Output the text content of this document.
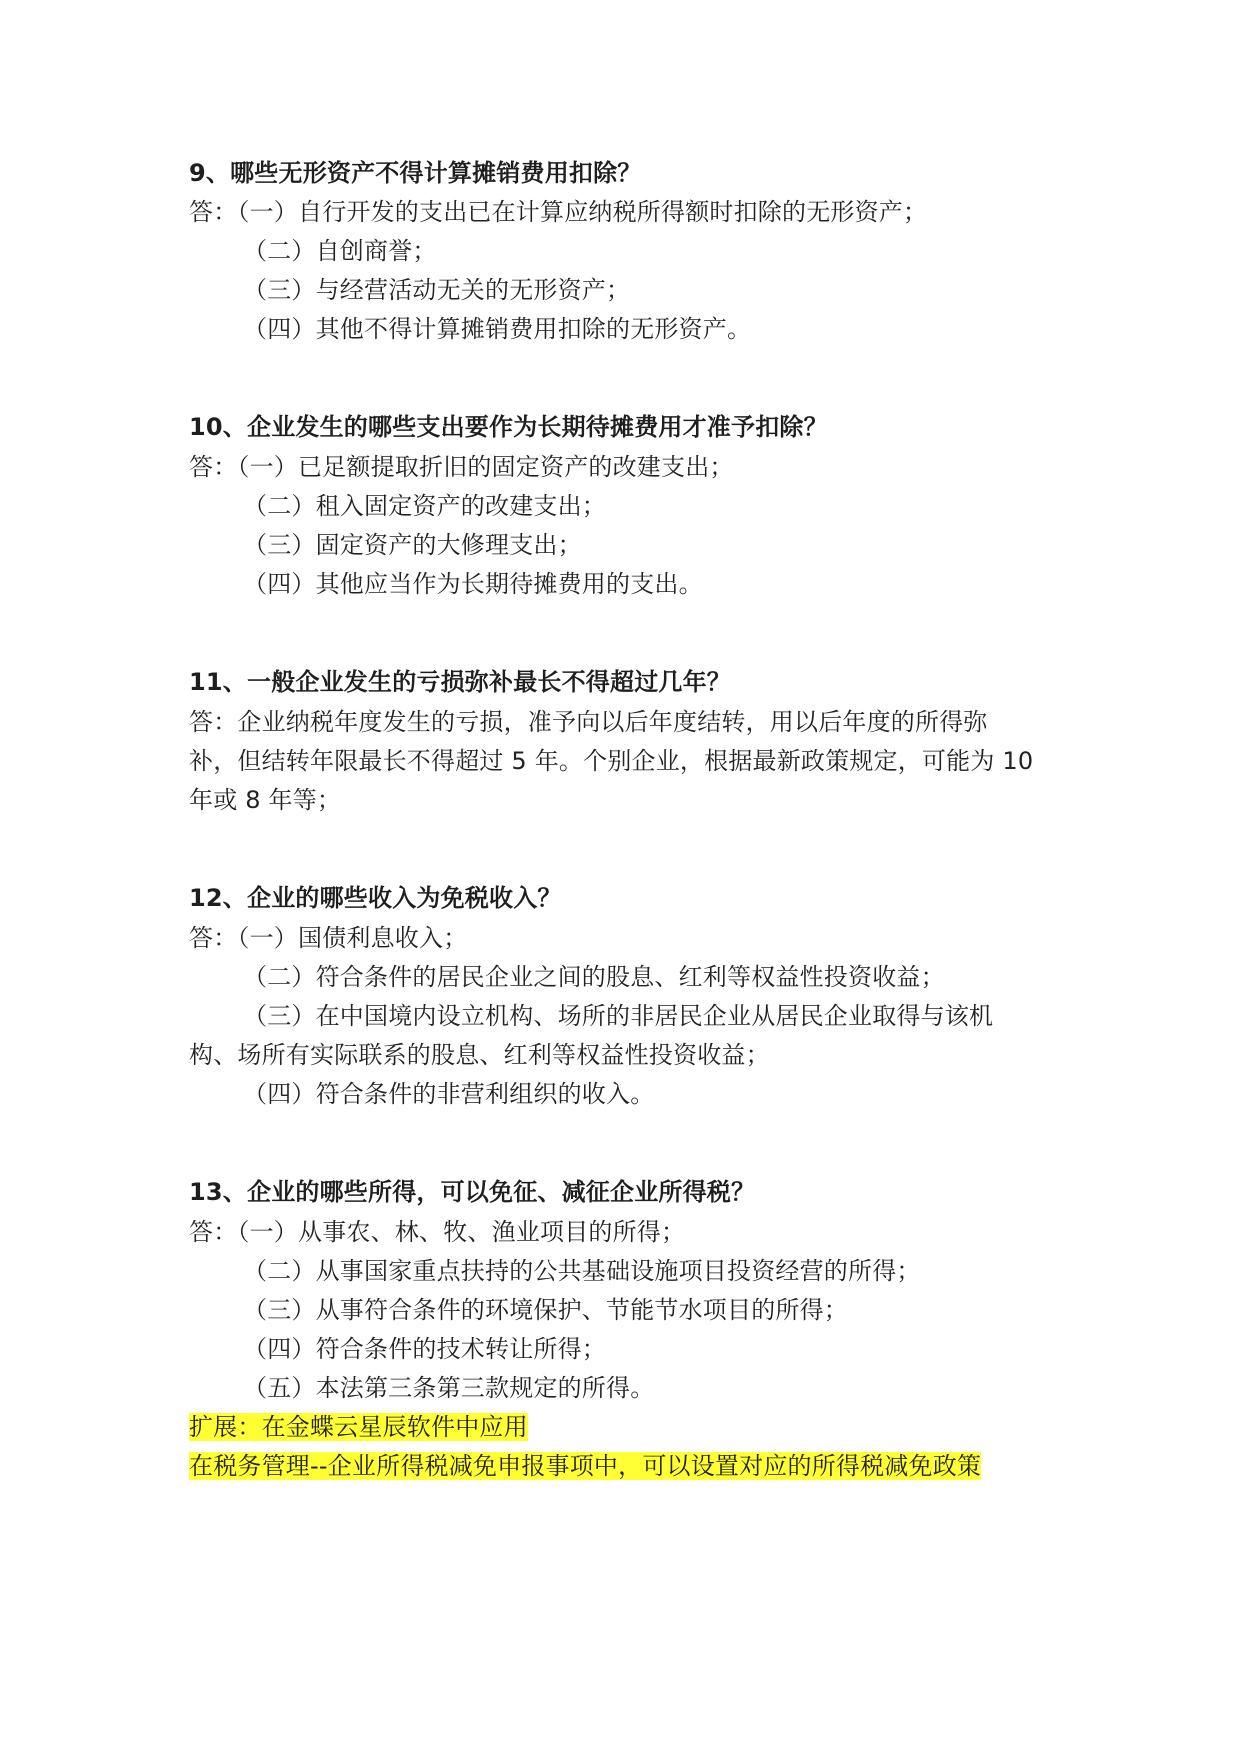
9、哪些无形资产不得计算摊销费用扣除？
答：（一）自行开发的支出已在计算应纳税所得额时扣除的无形资产；
（二）自创商誉；
（三）与经营活动无关的无形资产；
（四）其他不得计算摊销费用扣除的无形资产。
10、企业发生的哪些支出要作为长期待摊费用才准予扣除？
答：（一）已足额提取折旧的固定资产的改建支出；
（二）租入固定资产的改建支出；
（三）固定资产的大修理支出；
（四）其他应当作为长期待摊费用的支出。
11、一般企业发生的亏损弥补最长不得超过几年？
答：企业纳税年度发生的亏损，准予向以后年度结转，用以后年度的所得弥
补，但结转年限最长不得超过 5 年。个别企业，根据最新政策规定，可能为 10
年或 8 年等；
12、企业的哪些收入为免税收入？
答：（一）国债利息收入；
（二）符合条件的居民企业之间的股息、红利等权益性投资收益；
（三）在中国境内设立机构、场所的非居民企业从居民企业取得与该机
构、场所有实际联系的股息、红利等权益性投资收益；
（四）符合条件的非营利组织的收入。
13、企业的哪些所得，可以免征、减征企业所得税？
答：（一）从事农、林、牧、渔业项目的所得；
（二）从事国家重点扶持的公共基础设施项目投资经营的所得；
（三）从事符合条件的环境保护、节能节水项目的所得；
（四）符合条件的技术转让所得；
（五）本法第三条第三款规定的所得。
扩展：在金蝶云星辰软件中应用
在税务管理--企业所得税减免申报事项中，可以设置对应的所得税减免政策
